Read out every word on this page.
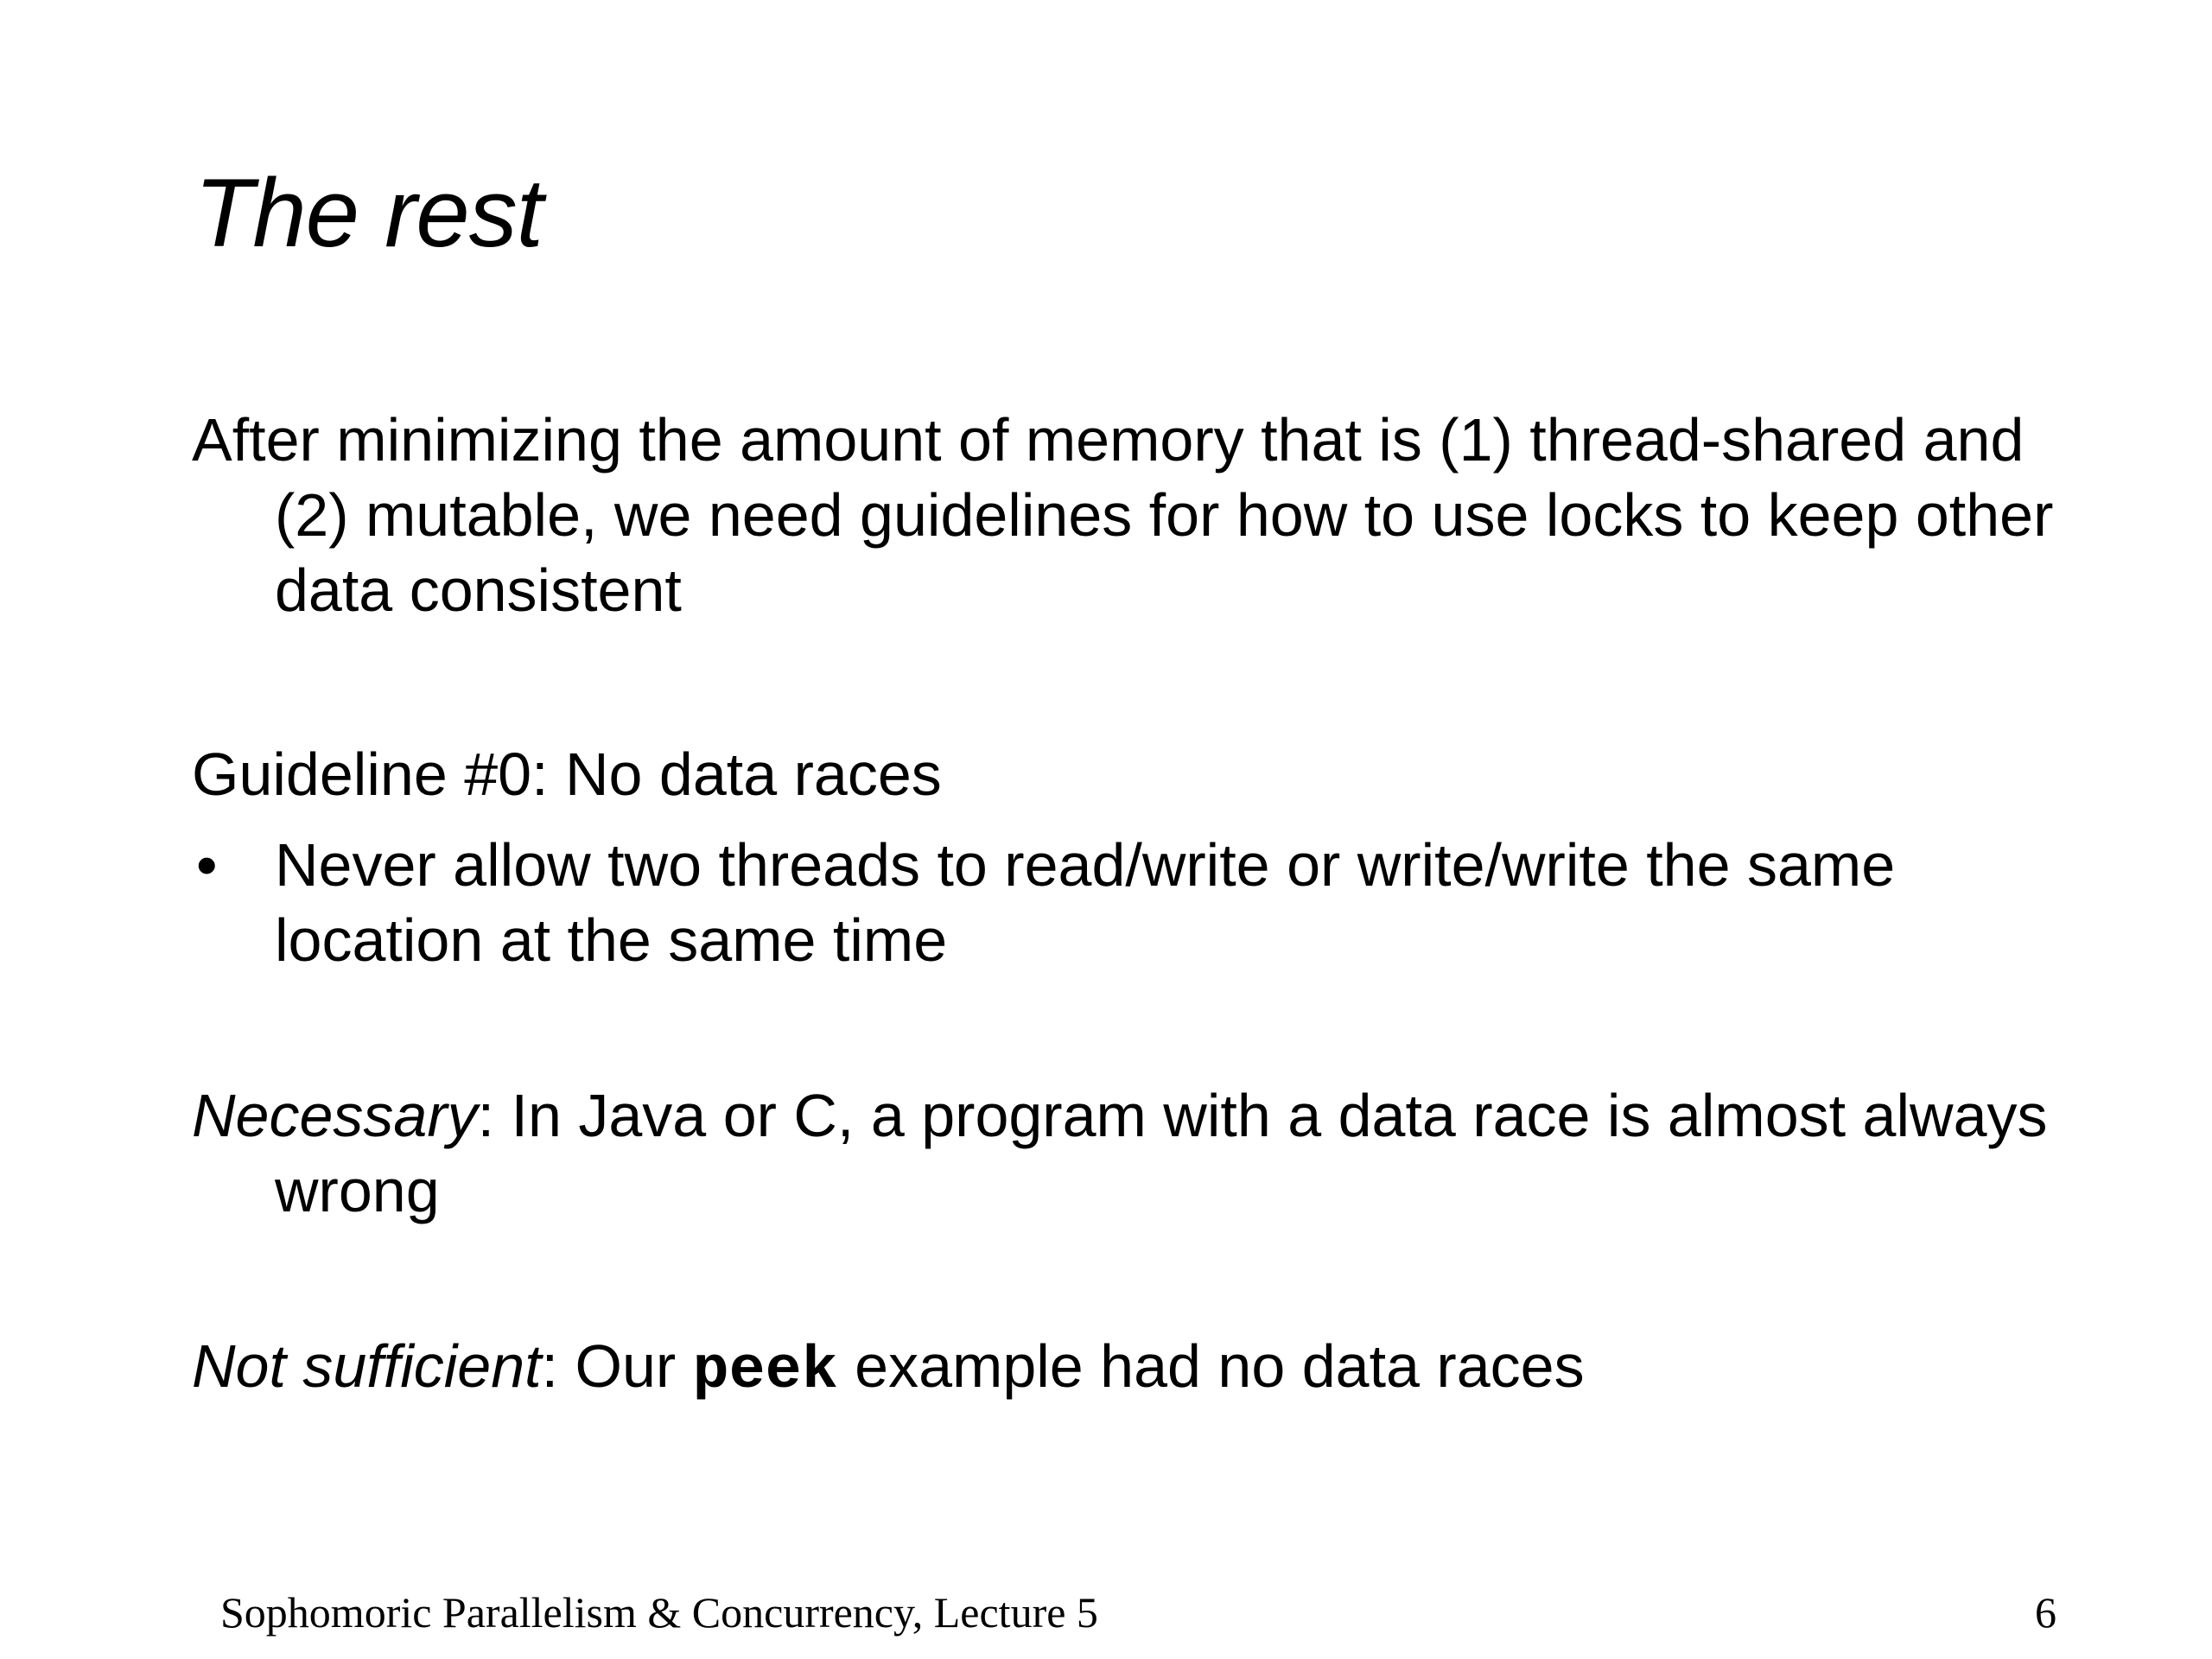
The rest

After minimizing the amount of memory that is (1) thread-shared and (2) mutable, we need guidelines for how to use locks to keep other data consistent

Guideline #0: No data races

• Never allow two threads to read/write or write/write the same location at the same time

Necessary: In Java or C, a program with a data race is almost always wrong

Not sufficient: Our peek example had no data races

Sophomoric Parallelism & Concurrency, Lecture 5	6
